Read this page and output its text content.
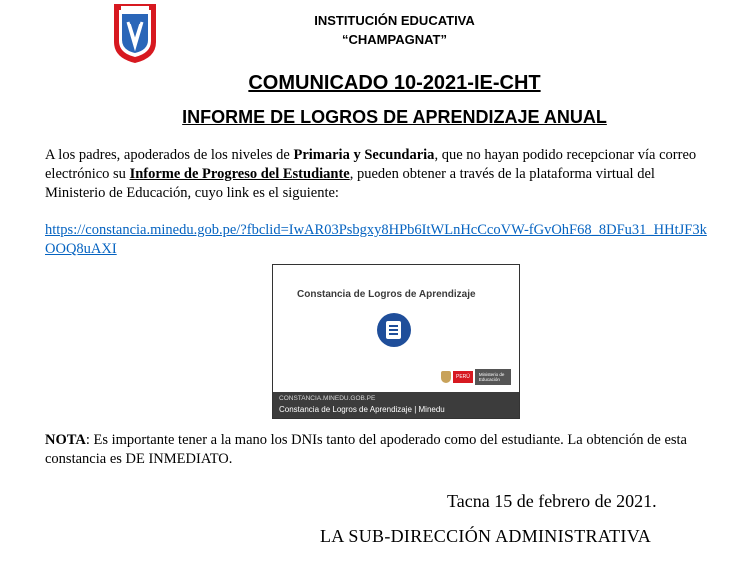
INSTITUCIÓN EDUCATIVA
“CHAMPAGNAT”
COMUNICADO 10-2021-IE-CHT
INFORME DE LOGROS DE APRENDIZAJE ANUAL
A los padres, apoderados de los niveles de Primaria y Secundaria, que no hayan podido recepcionar vía correo electrónico su Informe de Progreso del Estudiante, pueden obtener a través de la plataforma virtual del Ministerio de Educación, cuyo link es el siguiente:
https://constancia.minedu.gob.pe/?fbclid=IwAR03Psbgxy8HPb6ItWLnHcCcoVW-fGvOhF68_8DFu31_HHtJF3kOOQ8uAXI
Constancia de Logros de Aprendizaje
PERÚ	Ministerio de Educación
CONSTANCIA.MINEDU.GOB.PE
Constancia de Logros de Aprendizaje | Minedu
NOTA: Es importante tener a la mano los DNIs tanto del apoderado como del estudiante. La obtención de esta constancia es DE INMEDIATO.
Tacna 15 de febrero de 2021.
LA SUB-DIRECCIÓN ADMINISTRATIVA
